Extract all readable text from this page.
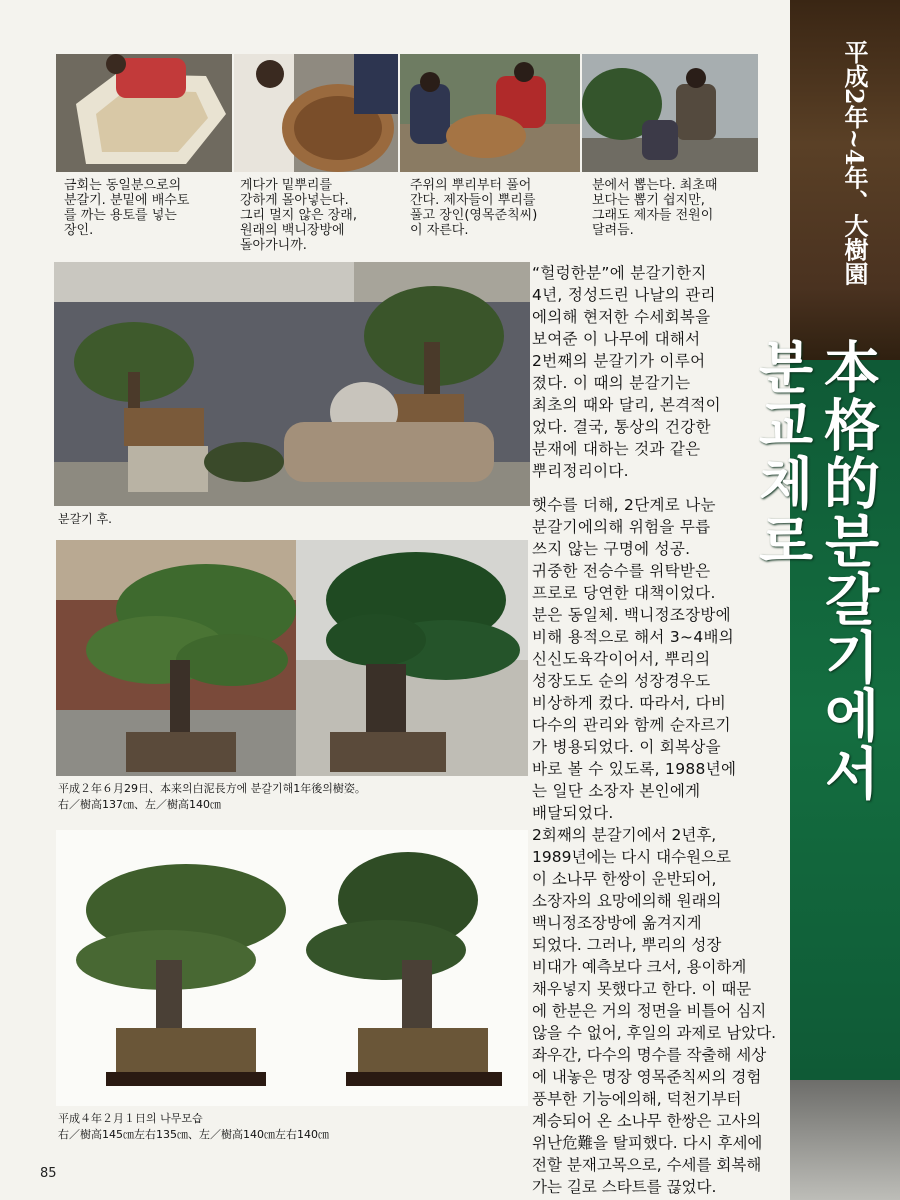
平成2年~4年、大樹園
本格的분갈기에서 분교체로
금회는 동일분으로의
분갈기. 분밑에 배수토
를 까는 용토를 넣는
장인.
게다가 밑뿌리를
강하게 몰아넣는다.
그리 멀지 않은 장래,
원래의 백니장방에
돌아가니까.
주위의 뿌리부터 풀어
간다. 제자들이 뿌리를
풀고 장인(영목준칙씨)
이 자른다.
분에서 뽑는다. 최초때
보다는 뽑기 쉽지만,
그래도 제자들 전원이
달려듬.
분갈기 후.
平成２年６月29日、本来의白泥長方에 분갈기해1年後의樹姿。
右／樹高137㎝、左／樹高140㎝
平成４年２月１日의 나무모습
右／樹高145㎝左右135㎝、左／樹高140㎝左右140㎝
“헐렁한분”에 분갈기한지
4년, 정성드린 나날의 관리
에의해 현저한 수세회복을
보여준 이 나무에 대해서
2번째의 분갈기가 이루어
졌다. 이 때의 분갈기는
최초의 때와 달리, 본격적이
었다. 결국, 통상의 건강한
분재에 대하는 것과 같은
뿌리정리이다.
햇수를 더해, 2단계로 나눈
분갈기에의해 위험을 무릅
쓰지 않는 구명에 성공.
귀중한 전승수를 위탁받은
프로로 당연한 대책이었다.
분은 동일체. 백니정조장방에
비해 용적으로 해서 3~4배의
신신도육각이어서, 뿌리의
성장도도 순의 성장경우도
비상하게 컸다. 따라서, 다비
다수의 관리와 함께 순자르기
가 병용되었다. 이 회복상을
바로 볼 수 있도록, 1988년에
는 일단 소장자 본인에게
배달되었다.
2회째의 분갈기에서 2년후,
1989년에는 다시 대수원으로
이 소나무 한쌍이 운반되어,
소장자의 요망에의해 원래의
백니정조장방에 옮겨지게
되었다. 그러나, 뿌리의 성장
비대가 예측보다 크서, 용이하게
채우넣지 못했다고 한다. 이 때문
에 한분은 거의 정면을 비틀어 심지
않을 수 없어, 후일의 과제로 남았다.
좌우간, 다수의 명수를 작출해 세상
에 내놓은 명장 영목준칙씨의 경험
풍부한 기능에의해, 덕천기부터
계승되어 온 소나무 한쌍은 고사의
위난危難을 탈피했다. 다시 후세에
전할 분재고목으로, 수세를 회복해
가는 길로 스타트를 끊었다.
85
